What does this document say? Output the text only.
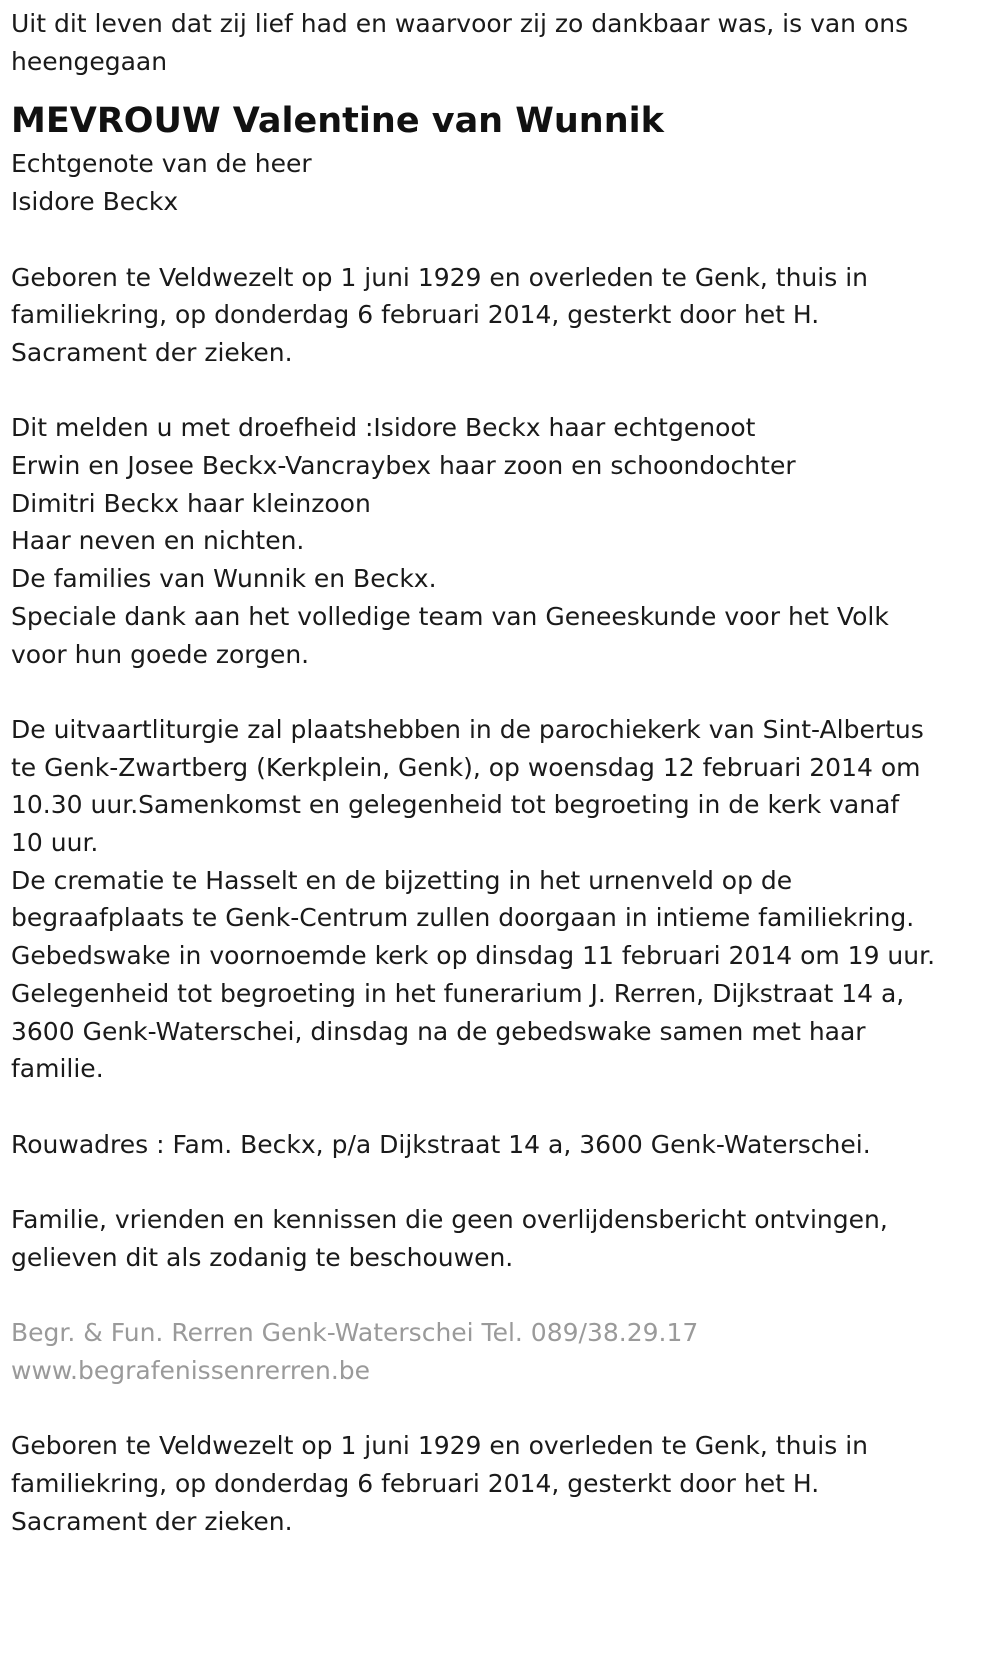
Uit dit leven dat zij lief had en waarvoor zij zo dankbaar was, is van ons
heengegaan
MEVROUW Valentine van Wunnik
Echtgenote van de heer
Isidore Beckx
Geboren te Veldwezelt op 1 juni 1929 en overleden te Genk, thuis in
familiekring, op donderdag 6 februari 2014, gesterkt door het H.
Sacrament der zieken.
Dit melden u met droefheid :Isidore Beckx haar echtgenoot
Erwin en Josee Beckx-Vancraybex haar zoon en schoondochter
Dimitri Beckx haar kleinzoon
Haar neven en nichten.
De families van Wunnik en Beckx.
Speciale dank aan het volledige team van Geneeskunde voor het Volk
voor hun goede zorgen.
De uitvaartliturgie zal plaatshebben in de parochiekerk van Sint-Albertus
te Genk-Zwartberg (Kerkplein, Genk), op woensdag 12 februari 2014 om
10.30 uur.Samenkomst en gelegenheid tot begroeting in de kerk vanaf
10 uur.
De crematie te Hasselt en de bijzetting in het urnenveld op de
begraafplaats te Genk-Centrum zullen doorgaan in intieme familiekring.
Gebedswake in voornoemde kerk op dinsdag 11 februari 2014 om 19 uur.
Gelegenheid tot begroeting in het funerarium J. Rerren, Dijkstraat 14 a,
3600 Genk-Waterschei, dinsdag na de gebedswake samen met haar
familie.
Rouwadres : Fam. Beckx, p/a Dijkstraat 14 a, 3600 Genk-Waterschei.
Familie, vrienden en kennissen die geen overlijdensbericht ontvingen,
gelieven dit als zodanig te beschouwen.
Begr. & Fun. Rerren Genk-Waterschei Tel. 089/38.29.17
www.begrafenissenrerren.be
Geboren te Veldwezelt op 1 juni 1929 en overleden te Genk, thuis in
familiekring, op donderdag 6 februari 2014, gesterkt door het H.
Sacrament der zieken.
